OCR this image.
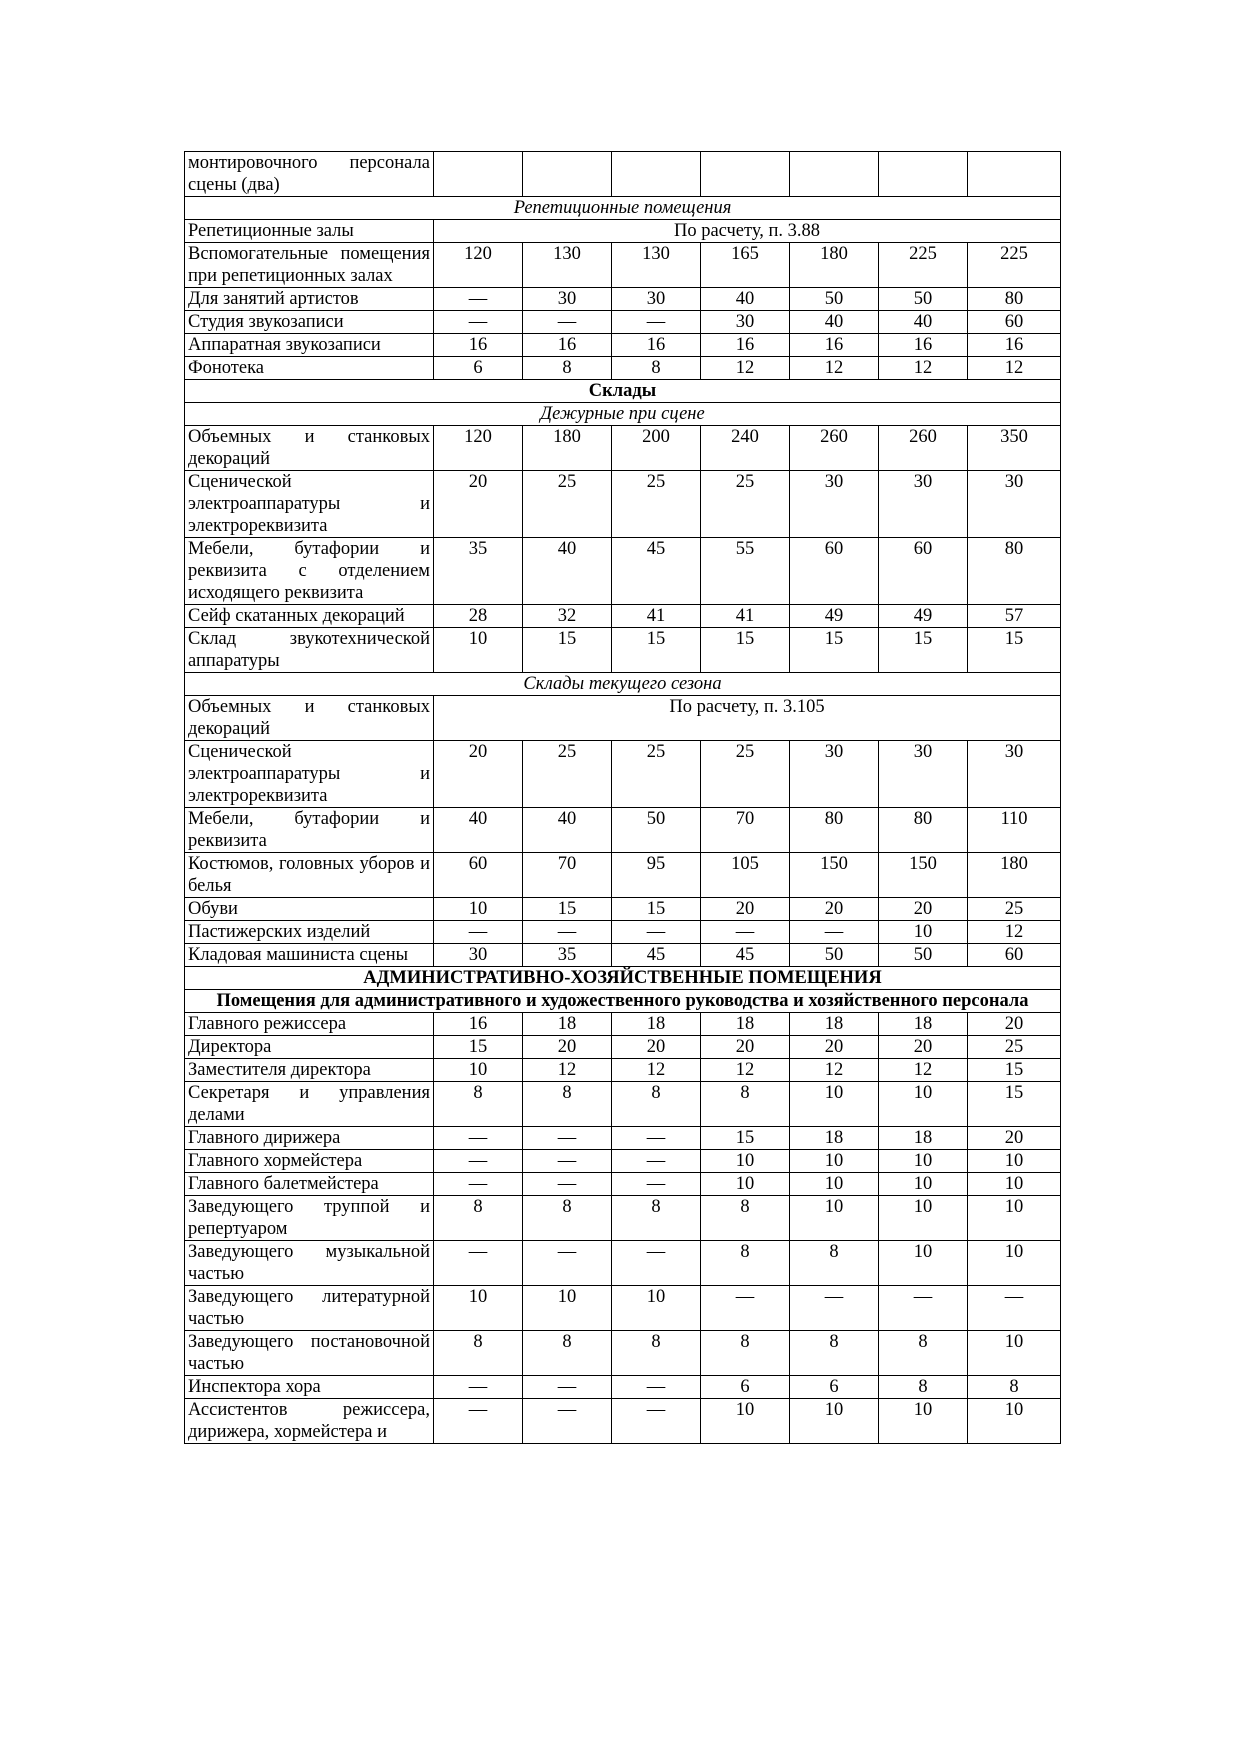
монтировочного персонала сцены (два)							
Репетиционные помещения							
Репетиционные залы	По расчету, п. 3.88						
Вспомогательные помещения при репетиционных залах	120	130	130	165	180	225	225
Для занятий артистов	—	30	30	40	50	50	80
Студия звукозаписи	—	—	—	30	40	40	60
Аппаратная звукозаписи	16	16	16	16	16	16	16
Фонотека	6	8	8	12	12	12	12
Склады							
Дежурные при сцене							
Объемных и станковых декораций	120	180	200	240	260	260	350
Сценической электроаппаратуры и электрореквизита	20	25	25	25	30	30	30
Мебели, бутафории и реквизита с отделением исходящего реквизита	35	40	45	55	60	60	80
Сейф скатанных декораций	28	32	41	41	49	49	57
Склад звукотехнической аппаратуры	10	15	15	15	15	15	15
Склады текущего сезона							
Объемных и станковых декораций	По расчету, п. 3.105						
Сценической электроаппаратуры и электрореквизита	20	25	25	25	30	30	30
Мебели, бутафории и реквизита	40	40	50	70	80	80	110
Костюмов, головных уборов и белья	60	70	95	105	150	150	180
Обуви	10	15	15	20	20	20	25
Пастижерских изделий	—	—	—	—	—	10	12
Кладовая машиниста сцены	30	35	45	45	50	50	60
АДМИНИСТРАТИВНО-ХОЗЯЙСТВЕННЫЕ ПОМЕЩЕНИЯ							
Помещения для административного и художественного руководства и хозяйственного персонала							
Главного режиссера	16	18	18	18	18	18	20
Директора	15	20	20	20	20	20	25
Заместителя директора	10	12	12	12	12	12	15
Секретаря и управления делами	8	8	8	8	10	10	15
Главного дирижера	—	—	—	15	18	18	20
Главного хормейстера	—	—	—	10	10	10	10
Главного балетмейстера	—	—	—	10	10	10	10
Заведующего труппой и репертуаром	8	8	8	8	10	10	10
Заведующего музыкальной частью	—	—	—	8	8	10	10
Заведующего литературной частью	10	10	10	—	—	—	—
Заведующего постановочной частью	8	8	8	8	8	8	10
Инспектора хора	—	—	—	6	6	8	8
Ассистентов режиссера, дирижера, хормейстера и	—	—	—	10	10	10	10
